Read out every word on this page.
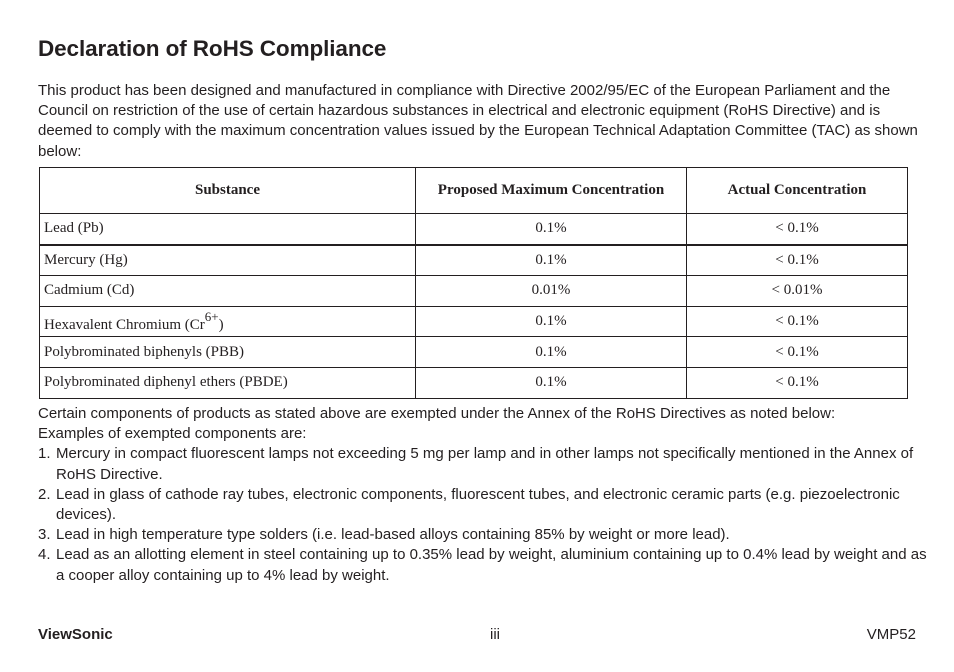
Declaration of RoHS Compliance

This product has been designed and manufactured in compliance with Directive 2002/95/EC of the European Parliament and the Council on restriction of the use of certain hazardous substances in electrical and electronic equipment (RoHS Directive) and is deemed to comply with the maximum concentration values issued by the European Technical Adaptation Committee (TAC) as shown below:

Substance	Proposed Maximum Concentration	Actual Concentration
Lead (Pb)	0.1%	< 0.1%
Mercury (Hg)	0.1%	< 0.1%
Cadmium (Cd)	0.01%	< 0.01%
Hexavalent Chromium (Cr6+)	0.1%	< 0.1%
Polybrominated biphenyls (PBB)	0.1%	< 0.1%
Polybrominated diphenyl ethers (PBDE)	0.1%	< 0.1%

Certain components of products as stated above are exempted under the Annex of the RoHS Directives as noted below:

Examples of exempted components are:

1. Mercury in compact fluorescent lamps not exceeding 5 mg per lamp and in other lamps not specifically mentioned in the Annex of RoHS Directive.
2. Lead in glass of cathode ray tubes, electronic components, fluorescent tubes, and electronic ceramic parts (e.g. piezoelectronic devices).
3. Lead in high temperature type solders (i.e. lead-based alloys containing 85% by weight or more lead).
4. Lead as an allotting element in steel containing up to 0.35% lead by weight, aluminium containing up to 0.4% lead by weight and as a cooper alloy containing up to 4% lead by weight.
ViewSonic	iii	VMP52
